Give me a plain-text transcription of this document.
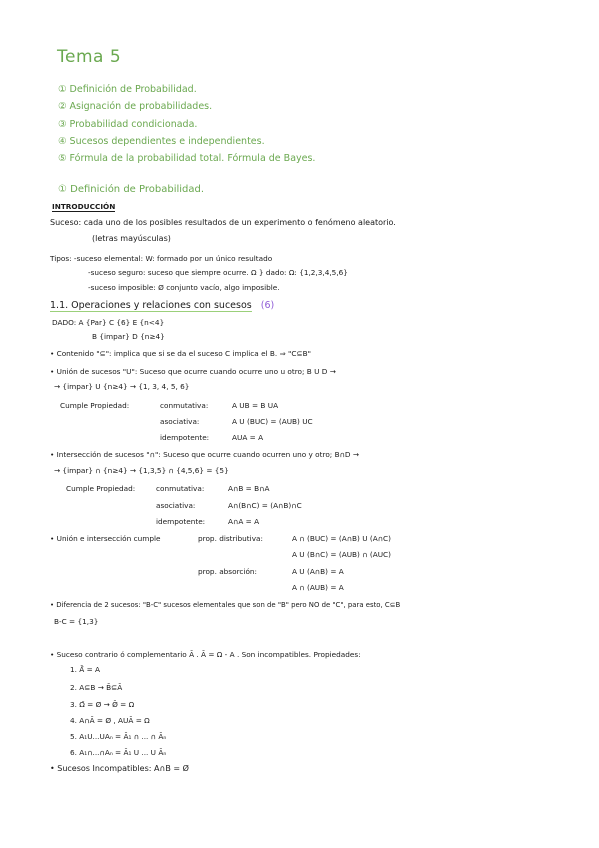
Tema 5
① Definición de Probabilidad.
② Asignación de probabilidades.
③ Probabilidad condicionada.
④ Sucesos dependientes e independientes.
⑤ Fórmula de la probabilidad total. Fórmula de Bayes.
① Definición de Probabilidad.
INTRODUCCIÓN
Suceso: cada uno de los posibles resultados de un experimento o fenómeno aleatorio.
(letras mayúsculas)
Tipos: -suceso elemental: W: formado por un único resultado
-suceso seguro: suceso que siempre ocurre. Ω } dado: Ω: {1,2,3,4,5,6}
-suceso imposible: Ø conjunto vacío, algo imposible.
1.1. Operaciones y relaciones con sucesos (6)
DADO: A {Par} C {6} E {n<4}
B {impar} D {n≥4}
• Contenido "⊆": implica que si se da el suceso C implica el B. ⇒ "C⊆B"
• Unión de sucesos "U": Suceso que ocurre cuando ocurre uno u otro; B U D →
→ {impar} U {n≥4} → {1, 3, 4, 5, 6}
Cumple Propiedad:	conmutativa:	A UB = B UA
asociativa:	A U (BUC) = (AUB) UC
idempotente:	AUA = A
• Intersección de sucesos "∩": Suceso que ocurre cuando ocurren uno y otro; B∩D →
→ {impar} ∩ {n≥4} → {1,3,5} ∩ {4,5,6} = {5}
Cumple Propiedad:	conmutativa:	A∩B = B∩A
asociativa:	A∩(B∩C) = (A∩B)∩C
idempotente:	A∩A = A
• Unión e intersección cumple	prop. distributiva:	A ∩ (BUC) = (A∩B) U (A∩C)
A U (B∩C) = (AUB) ∩ (AUC)
prop. absorción:	A U (A∩B) = A
A ∩ (AUB) = A
• Diferencia de 2 sucesos: "B-C" sucesos elementales que son de "B" pero NO de "C", para esto, C⊆B
B-C = {1,3}
• Suceso contrario ó complementario Ā . Ā = Ω - A . Son incompatibles. Propiedades:
1. Ā̄ = A
2. A⊆B → B̄⊆Ā
3. Ω̄ = Ø → Ø̄ = Ω
4. A∩Ā = Ø , AUĀ = Ω
5. A₁U...UAₙ = Ā₁ ∩ ... ∩ Āₙ
6. A₁∩...∩Aₙ = Ā₁ U ... U Āₙ
• Sucesos Incompatibles: A∩B = Ø
